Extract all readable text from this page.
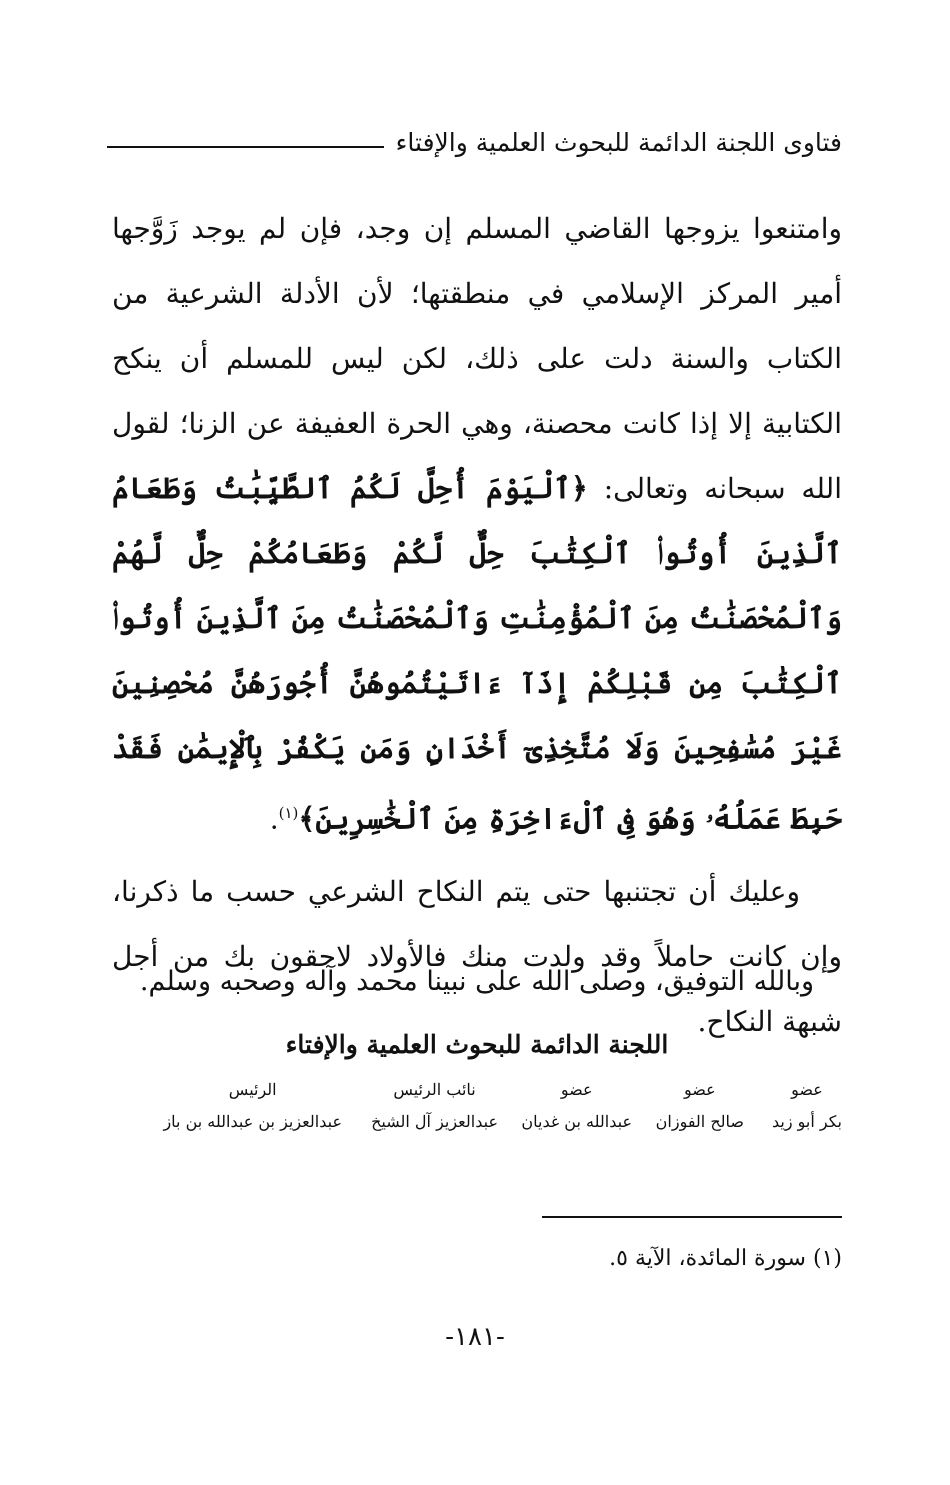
فتاوى اللجنة الدائمة للبحوث العلمية والإفتاء

وامتنعوا يزوجها القاضي المسلم إن وجد، فإن لم يوجد زَوَّجها أمير المركز الإسلامي في منطقتها؛ لأن الأدلة الشرعية من الكتاب والسنة دلت على ذلك، لكن ليس للمسلم أن ينكح الكتابية إلا إذا كانت محصنة، وهي الحرة العفيفة عن الزنا؛ لقول الله سبحانه وتعالى: ﴿ٱلْيَوْمَ أُحِلَّ لَكُمُ ٱلطَّيِّبَٰتُ وَطَعَامُ ٱلَّذِينَ أُوتُوا۟ ٱلْكِتَٰبَ حِلٌّ لَّكُمْ وَطَعَامُكُمْ حِلٌّ لَّهُمْ وَٱلْمُحْصَنَٰتُ مِنَ ٱلْمُؤْمِنَٰتِ وَٱلْمُحْصَنَٰتُ مِنَ ٱلَّذِينَ أُوتُوا۟ ٱلْكِتَٰبَ مِن قَبْلِكُمْ إِذَآ ءَاتَيْتُمُوهُنَّ أُجُورَهُنَّ مُحْصِنِينَ غَيْرَ مُسَٰفِحِينَ وَلَا مُتَّخِذِىٓ أَخْدَانٍ وَمَن يَكْفُرْ بِٱلْإِيمَٰنِ فَقَدْ حَبِطَ عَمَلُهُۥ وَهُوَ فِى ٱلْءَاخِرَةِ مِنَ ٱلْخَٰسِرِينَ﴾$^{(١)}$.

وعليك أن تجتنبها حتى يتم النكاح الشرعي حسب ما ذكرنا، وإن كانت حاملاً وقد ولدت منك فالأولاد لاحقون بك من أجل شبهة النكاح.

وبالله التوفيق، وصلى الله على نبينا محمد وآله وصحبه وسلم.
اللجنة الدائمة للبحوث العلمية والإفتاء
عضو
بكر أبو زيد
عضو
صالح الفوزان
عضو
عبدالله بن غديان
نائب الرئيس
عبدالعزيز آل الشيخ
الرئيس
عبدالعزيز بن عبدالله بن باز
(١) سورة المائدة، الآية ٥.
-١٨١-
